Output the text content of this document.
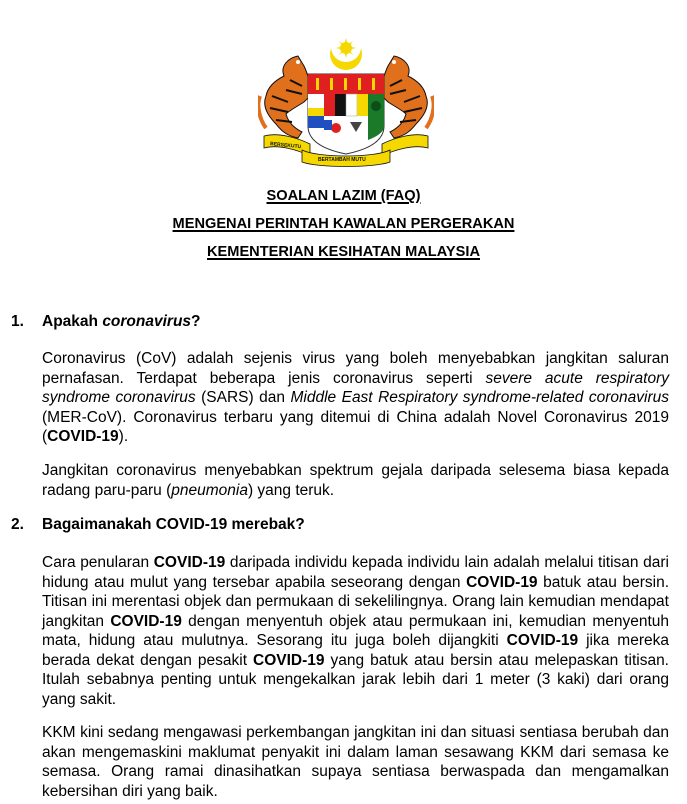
BERSEKUTU
BERTAMBAH MUTU
SOALAN LAZIM (FAQ)
MENGENAI PERINTAH KAWALAN PERGERAKAN
KEMENTERIAN KESIHATAN MALAYSIA
1. Apakah coronavirus?
Coronavirus (CoV) adalah sejenis virus yang boleh menyebabkan jangkitan saluran pernafasan. Terdapat beberapa jenis coronavirus seperti severe acute respiratory syndrome coronavirus (SARS) dan Middle East Respiratory syndrome-related coronavirus (MER-CoV). Coronavirus terbaru yang ditemui di China adalah Novel Coronavirus 2019 (COVID-19).
Jangkitan coronavirus menyebabkan spektrum gejala daripada selesema biasa kepada radang paru-paru (pneumonia) yang teruk.
2. Bagaimanakah COVID-19 merebak?
Cara penularan COVID-19 daripada individu kepada individu lain adalah melalui titisan dari hidung atau mulut yang tersebar apabila seseorang dengan COVID-19 batuk atau bersin. Titisan ini merentasi objek dan permukaan di sekelilingnya. Orang lain kemudian mendapat jangkitan COVID-19 dengan menyentuh objek atau permukaan ini, kemudian menyentuh mata, hidung atau mulutnya. Sesorang itu juga boleh dijangkiti COVID-19 jika mereka berada dekat dengan pesakit COVID-19 yang batuk atau bersin atau melepaskan titisan. Itulah sebabnya penting untuk mengekalkan jarak lebih dari 1 meter (3 kaki) dari orang yang sakit.
KKM kini sedang mengawasi perkembangan jangkitan ini dan situasi sentiasa berubah dan akan mengemaskini maklumat penyakit ini dalam laman sesawang KKM dari semasa ke semasa. Orang ramai dinasihatkan supaya sentiasa berwaspada dan mengamalkan kebersihan diri yang baik.
